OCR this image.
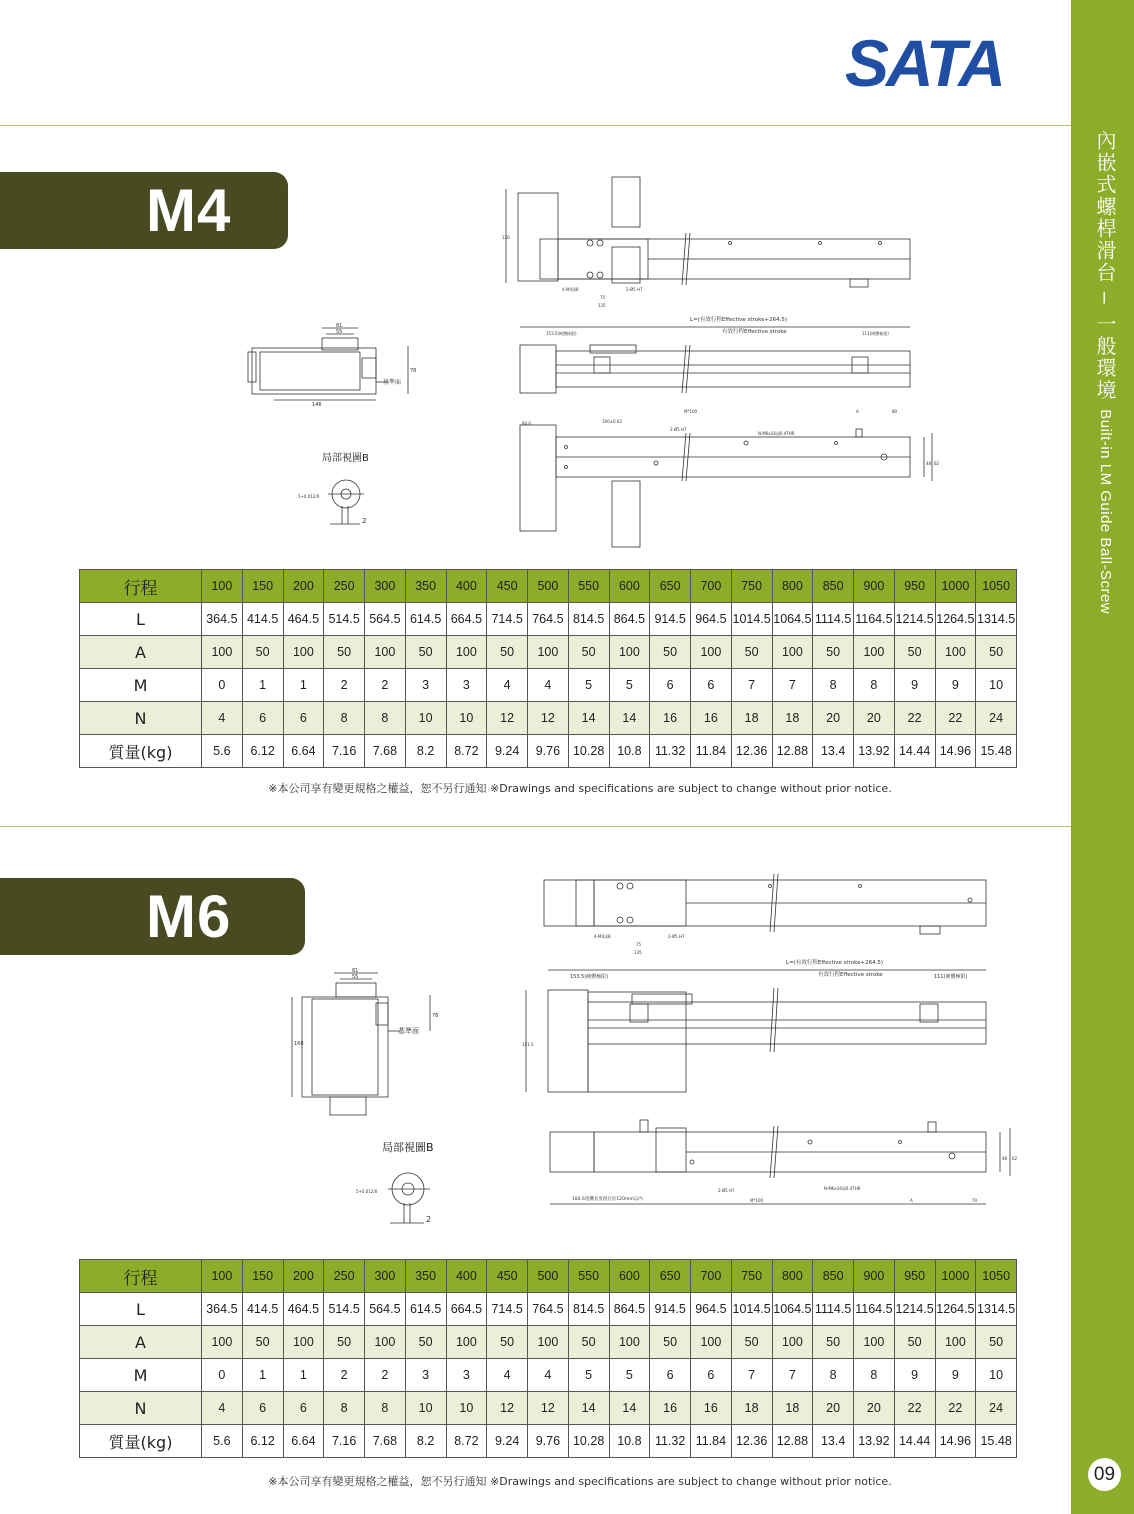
內嵌式螺桿滑台 – 一般環境 Built-in LM Guide Ball-Screw
09
SATA
M4
81
55
基準面
146
78
局部視圖B
5+0.012/0
2
126
4-M4深8	2-Ø5 H7
75
135
L=(有效行程Effective stroke+264.5)
有效行程Effective stroke
153.5(硬體極限)	111(硬體極限)
84.6	100±0.02
2-Ø5 H7
N-M6x16深6.4THR
M*100	A	80
48 62
行程	100	150	200	250	300	350	400	450	500	550	600	650	700	750	800	850	900	950	1000	1050
L	364.5	414.5	464.5	514.5	564.5	614.5	664.5	714.5	764.5	814.5	864.5	914.5	964.5	1014.5	1064.5	1114.5	1164.5	1214.5	1264.5	1314.5
A	100	50	100	50	100	50	100	50	100	50	100	50	100	50	100	50	100	50	100	50
M	0	1	1	2	2	3	3	4	4	5	5	6	6	7	7	8	8	9	9	10
N	4	6	6	8	8	10	10	12	12	14	14	16	16	18	18	20	20	22	22	24
質量(kg)	5.6	6.12	6.64	7.16	7.68	8.2	8.72	9.24	9.76	10.28	10.8	11.32	11.84	12.36	12.88	13.4	13.92	14.44	14.96	15.48
※本公司享有變更規格之權益，恕不另行通知 ※Drawings and specifications are subject to change without prior notice.
M6
81
55
基準面
78
160
局部視圖B
5+0.012/0
2
4-M4深8	2-Ø5 H7
75
135
L=(有效行程Effective stroke+264.5)
有效行程Effective stroke
153.5(硬體極限)	111(硬體極限)
151.5
48 62
184.6電機長度現在於120mm以內
2-Ø5 H7	N-M6x16深6.4THR
M*100	A	70
行程	100	150	200	250	300	350	400	450	500	550	600	650	700	750	800	850	900	950	1000	1050
L	364.5	414.5	464.5	514.5	564.5	614.5	664.5	714.5	764.5	814.5	864.5	914.5	964.5	1014.5	1064.5	1114.5	1164.5	1214.5	1264.5	1314.5
A	100	50	100	50	100	50	100	50	100	50	100	50	100	50	100	50	100	50	100	50
M	0	1	1	2	2	3	3	4	4	5	5	6	6	7	7	8	8	9	9	10
N	4	6	6	8	8	10	10	12	12	14	14	16	16	18	18	20	20	22	22	24
質量(kg)	5.6	6.12	6.64	7.16	7.68	8.2	8.72	9.24	9.76	10.28	10.8	11.32	11.84	12.36	12.88	13.4	13.92	14.44	14.96	15.48
※本公司享有變更規格之權益，恕不另行通知 ※Drawings and specifications are subject to change without prior notice.
